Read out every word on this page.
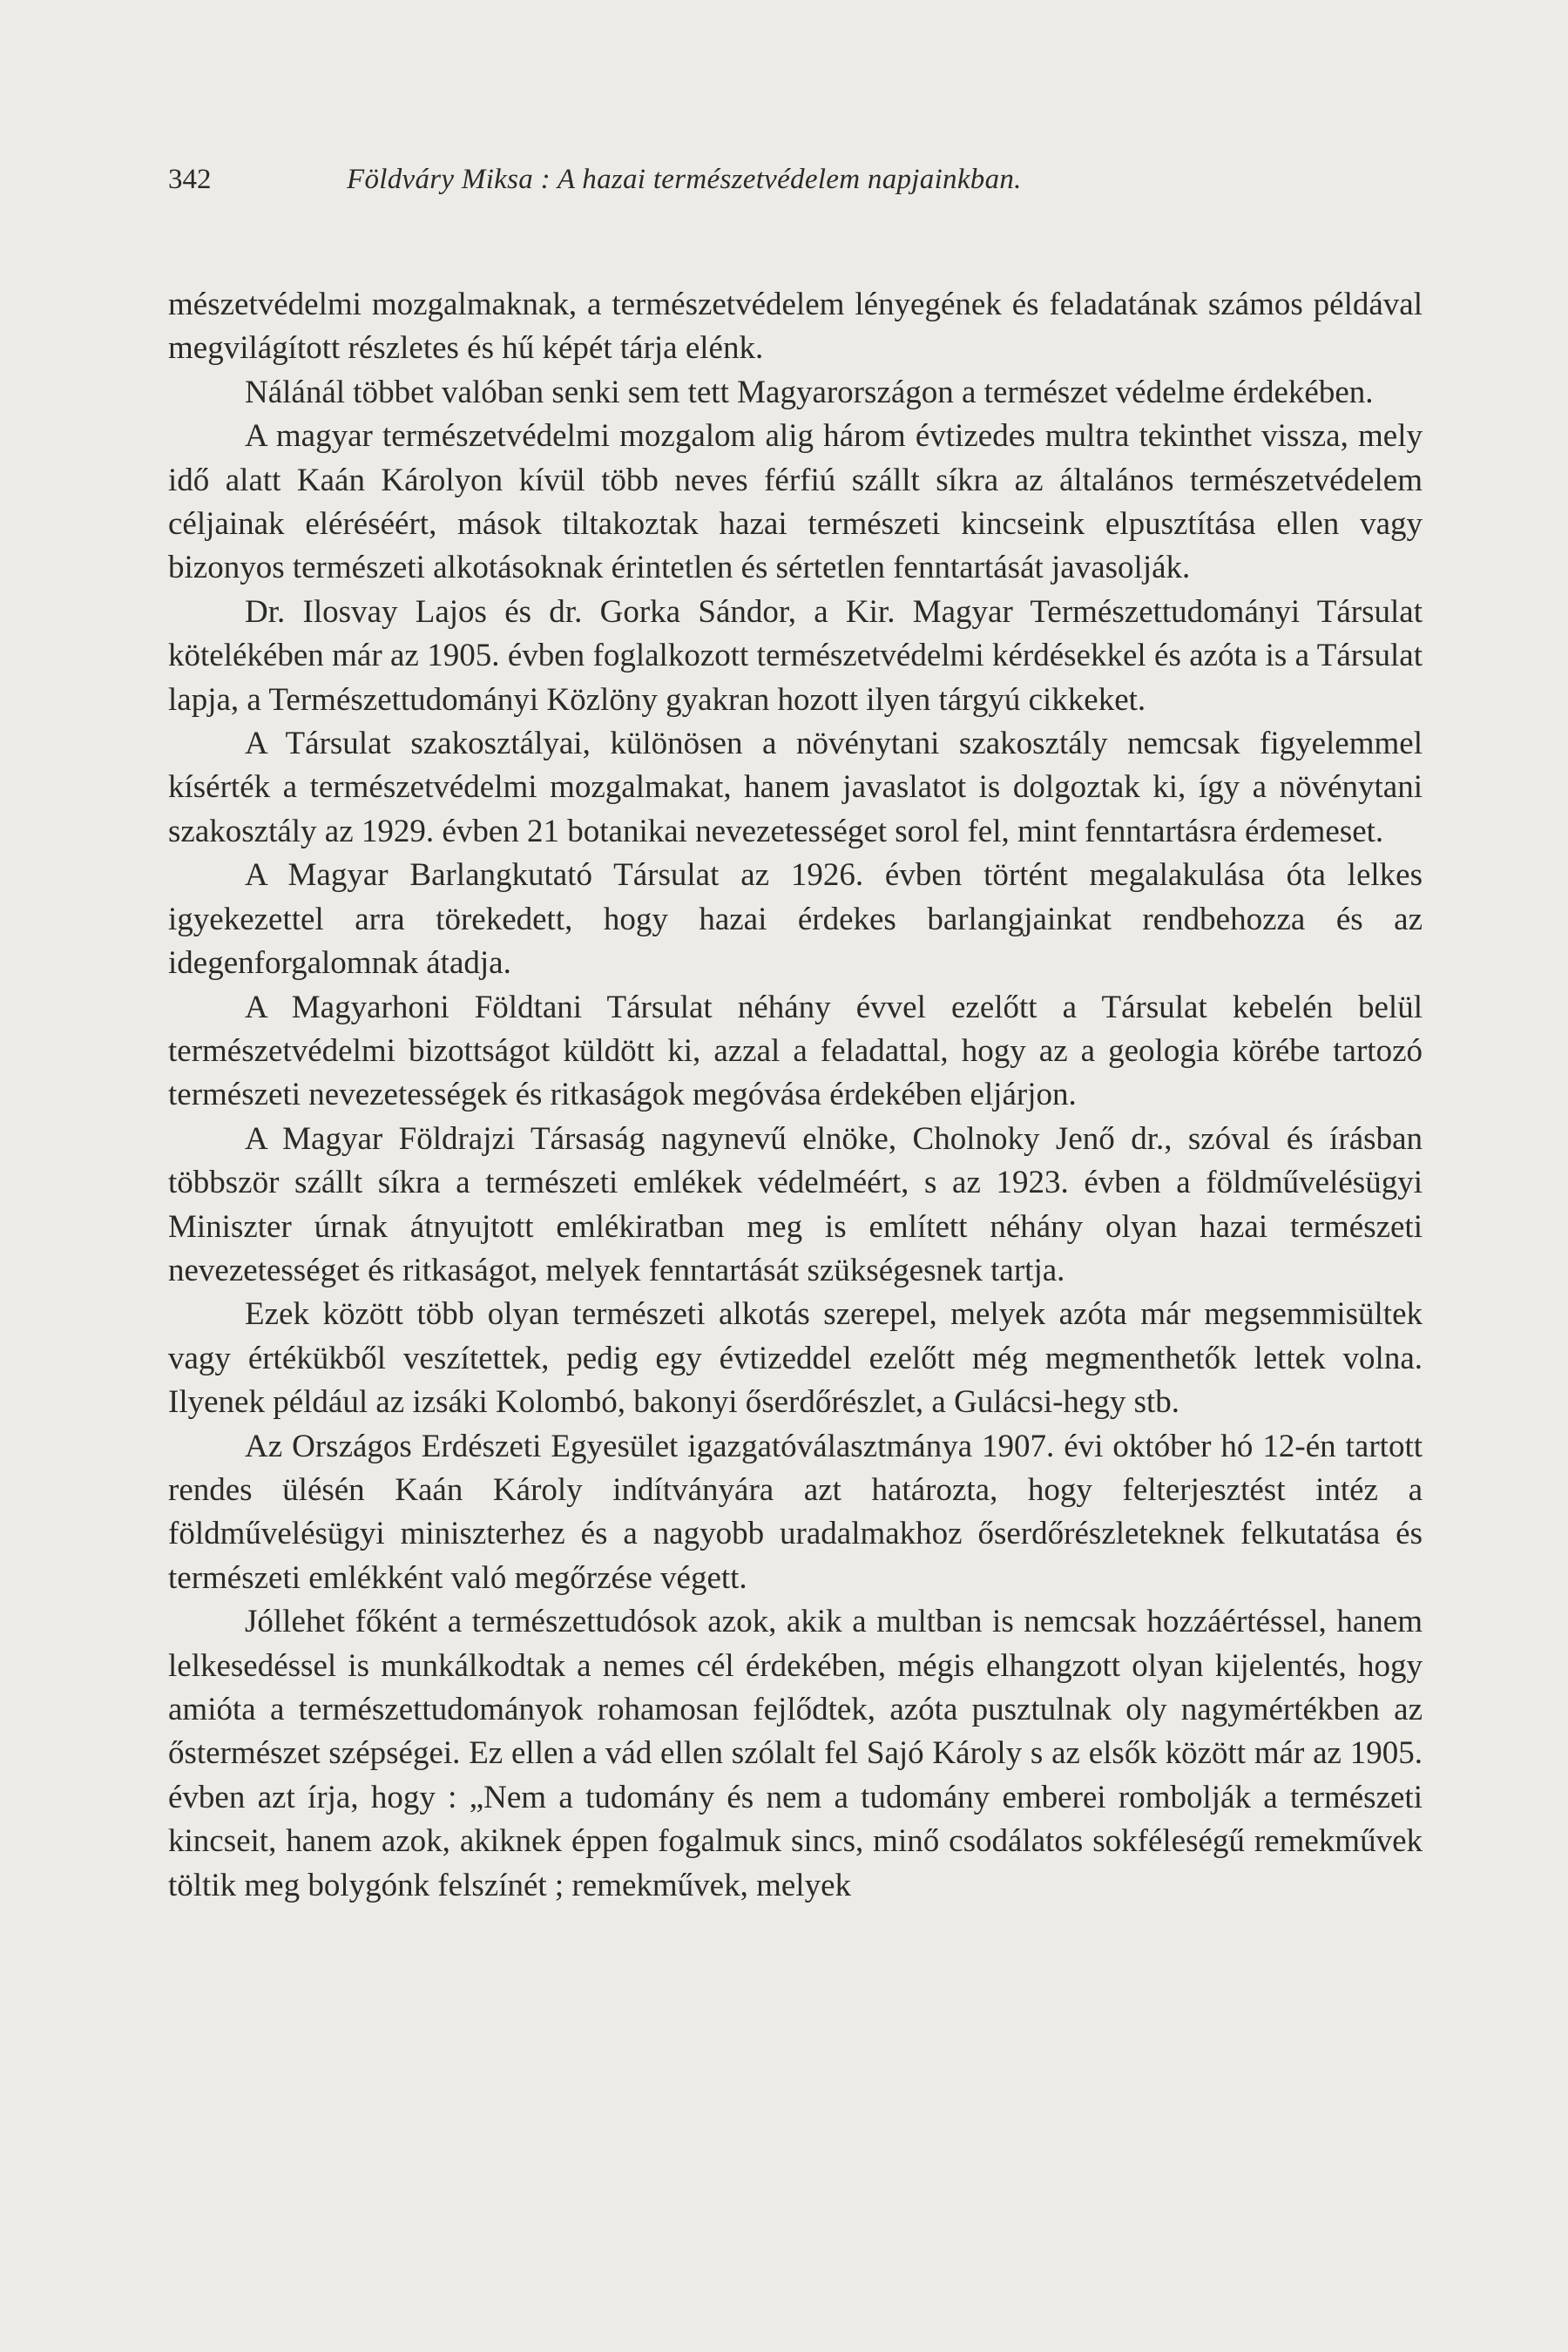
342	Földváry Miksa : A hazai természetvédelem napjainkban.

mészetvédelmi mozgalmaknak, a természetvédelem lényegének és feladatának számos példával megvilágított részletes és hű képét tárja elénk.

Nálánál többet valóban senki sem tett Magyarországon a természet védelme érdekében.

A magyar természetvédelmi mozgalom alig három évtizedes multra tekinthet vissza, mely idő alatt Kaán Károlyon kívül több neves férfiú szállt síkra az általános természetvédelem céljainak eléréséért, mások tiltakoztak hazai természeti kincseink elpusztítása ellen vagy bizonyos természeti alkotásoknak érintetlen és sértetlen fenntartását javasolják.

Dr. Ilosvay Lajos és dr. Gorka Sándor, a Kir. Magyar Természettudományi Társulat kötelékében már az 1905. évben foglalkozott természetvédelmi kérdésekkel és azóta is a Társulat lapja, a Természettudományi Közlöny gyakran hozott ilyen tárgyú cikkeket.

A Társulat szakosztályai, különösen a növénytani szakosztály nemcsak figyelemmel kísérték a természetvédelmi mozgalmakat, hanem javaslatot is dolgoztak ki, így a növénytani szakosztály az 1929. évben 21 botanikai nevezetességet sorol fel, mint fenntartásra érdemeset.

A Magyar Barlangkutató Társulat az 1926. évben történt megalakulása óta lelkes igyekezettel arra törekedett, hogy hazai érdekes barlangjainkat rendbehozza és az idegenforgalomnak átadja.

A Magyarhoni Földtani Társulat néhány évvel ezelőtt a Társulat kebelén belül természetvédelmi bizottságot küldött ki, azzal a feladattal, hogy az a geologia körébe tartozó természeti nevezetességek és ritkaságok megóvása érdekében eljárjon.

A Magyar Földrajzi Társaság nagynevű elnöke, Cholnoky Jenő dr., szóval és írásban többször szállt síkra a természeti emlékek védelméért, s az 1923. évben a földművelésügyi Miniszter úrnak átnyujtott emlékiratban meg is említett néhány olyan hazai természeti nevezetességet és ritkaságot, melyek fenntartását szükségesnek tartja.

Ezek között több olyan természeti alkotás szerepel, melyek azóta már megsemmisültek vagy értékükből veszítettek, pedig egy évtizeddel ezelőtt még megmenthetők lettek volna. Ilyenek például az izsáki Kolombó, bakonyi őserdőrészlet, a Gulácsi-hegy stb.

Az Országos Erdészeti Egyesület igazgatóválasztmánya 1907. évi október hó 12-én tartott rendes ülésén Kaán Károly indítványára azt határozta, hogy felterjesztést intéz a földművelésügyi miniszterhez és a nagyobb uradalmakhoz őserdőrészleteknek felkutatása és természeti emlékként való megőrzése végett.

Jóllehet főként a természettudósok azok, akik a multban is nemcsak hozzáértéssel, hanem lelkesedéssel is munkálkodtak a nemes cél érdekében, mégis elhangzott olyan kijelentés, hogy amióta a természettudományok rohamosan fejlődtek, azóta pusztulnak oly nagymértékben az őstermészet szépségei. Ez ellen a vád ellen szólalt fel Sajó Károly s az elsők között már az 1905. évben azt írja, hogy : „Nem a tudomány és nem a tudomány emberei rombolják a természeti kincseit, hanem azok, akiknek éppen fogalmuk sincs, minő csodálatos sokféleségű remekművek töltik meg bolygónk felszínét ; remekművek, melyek
